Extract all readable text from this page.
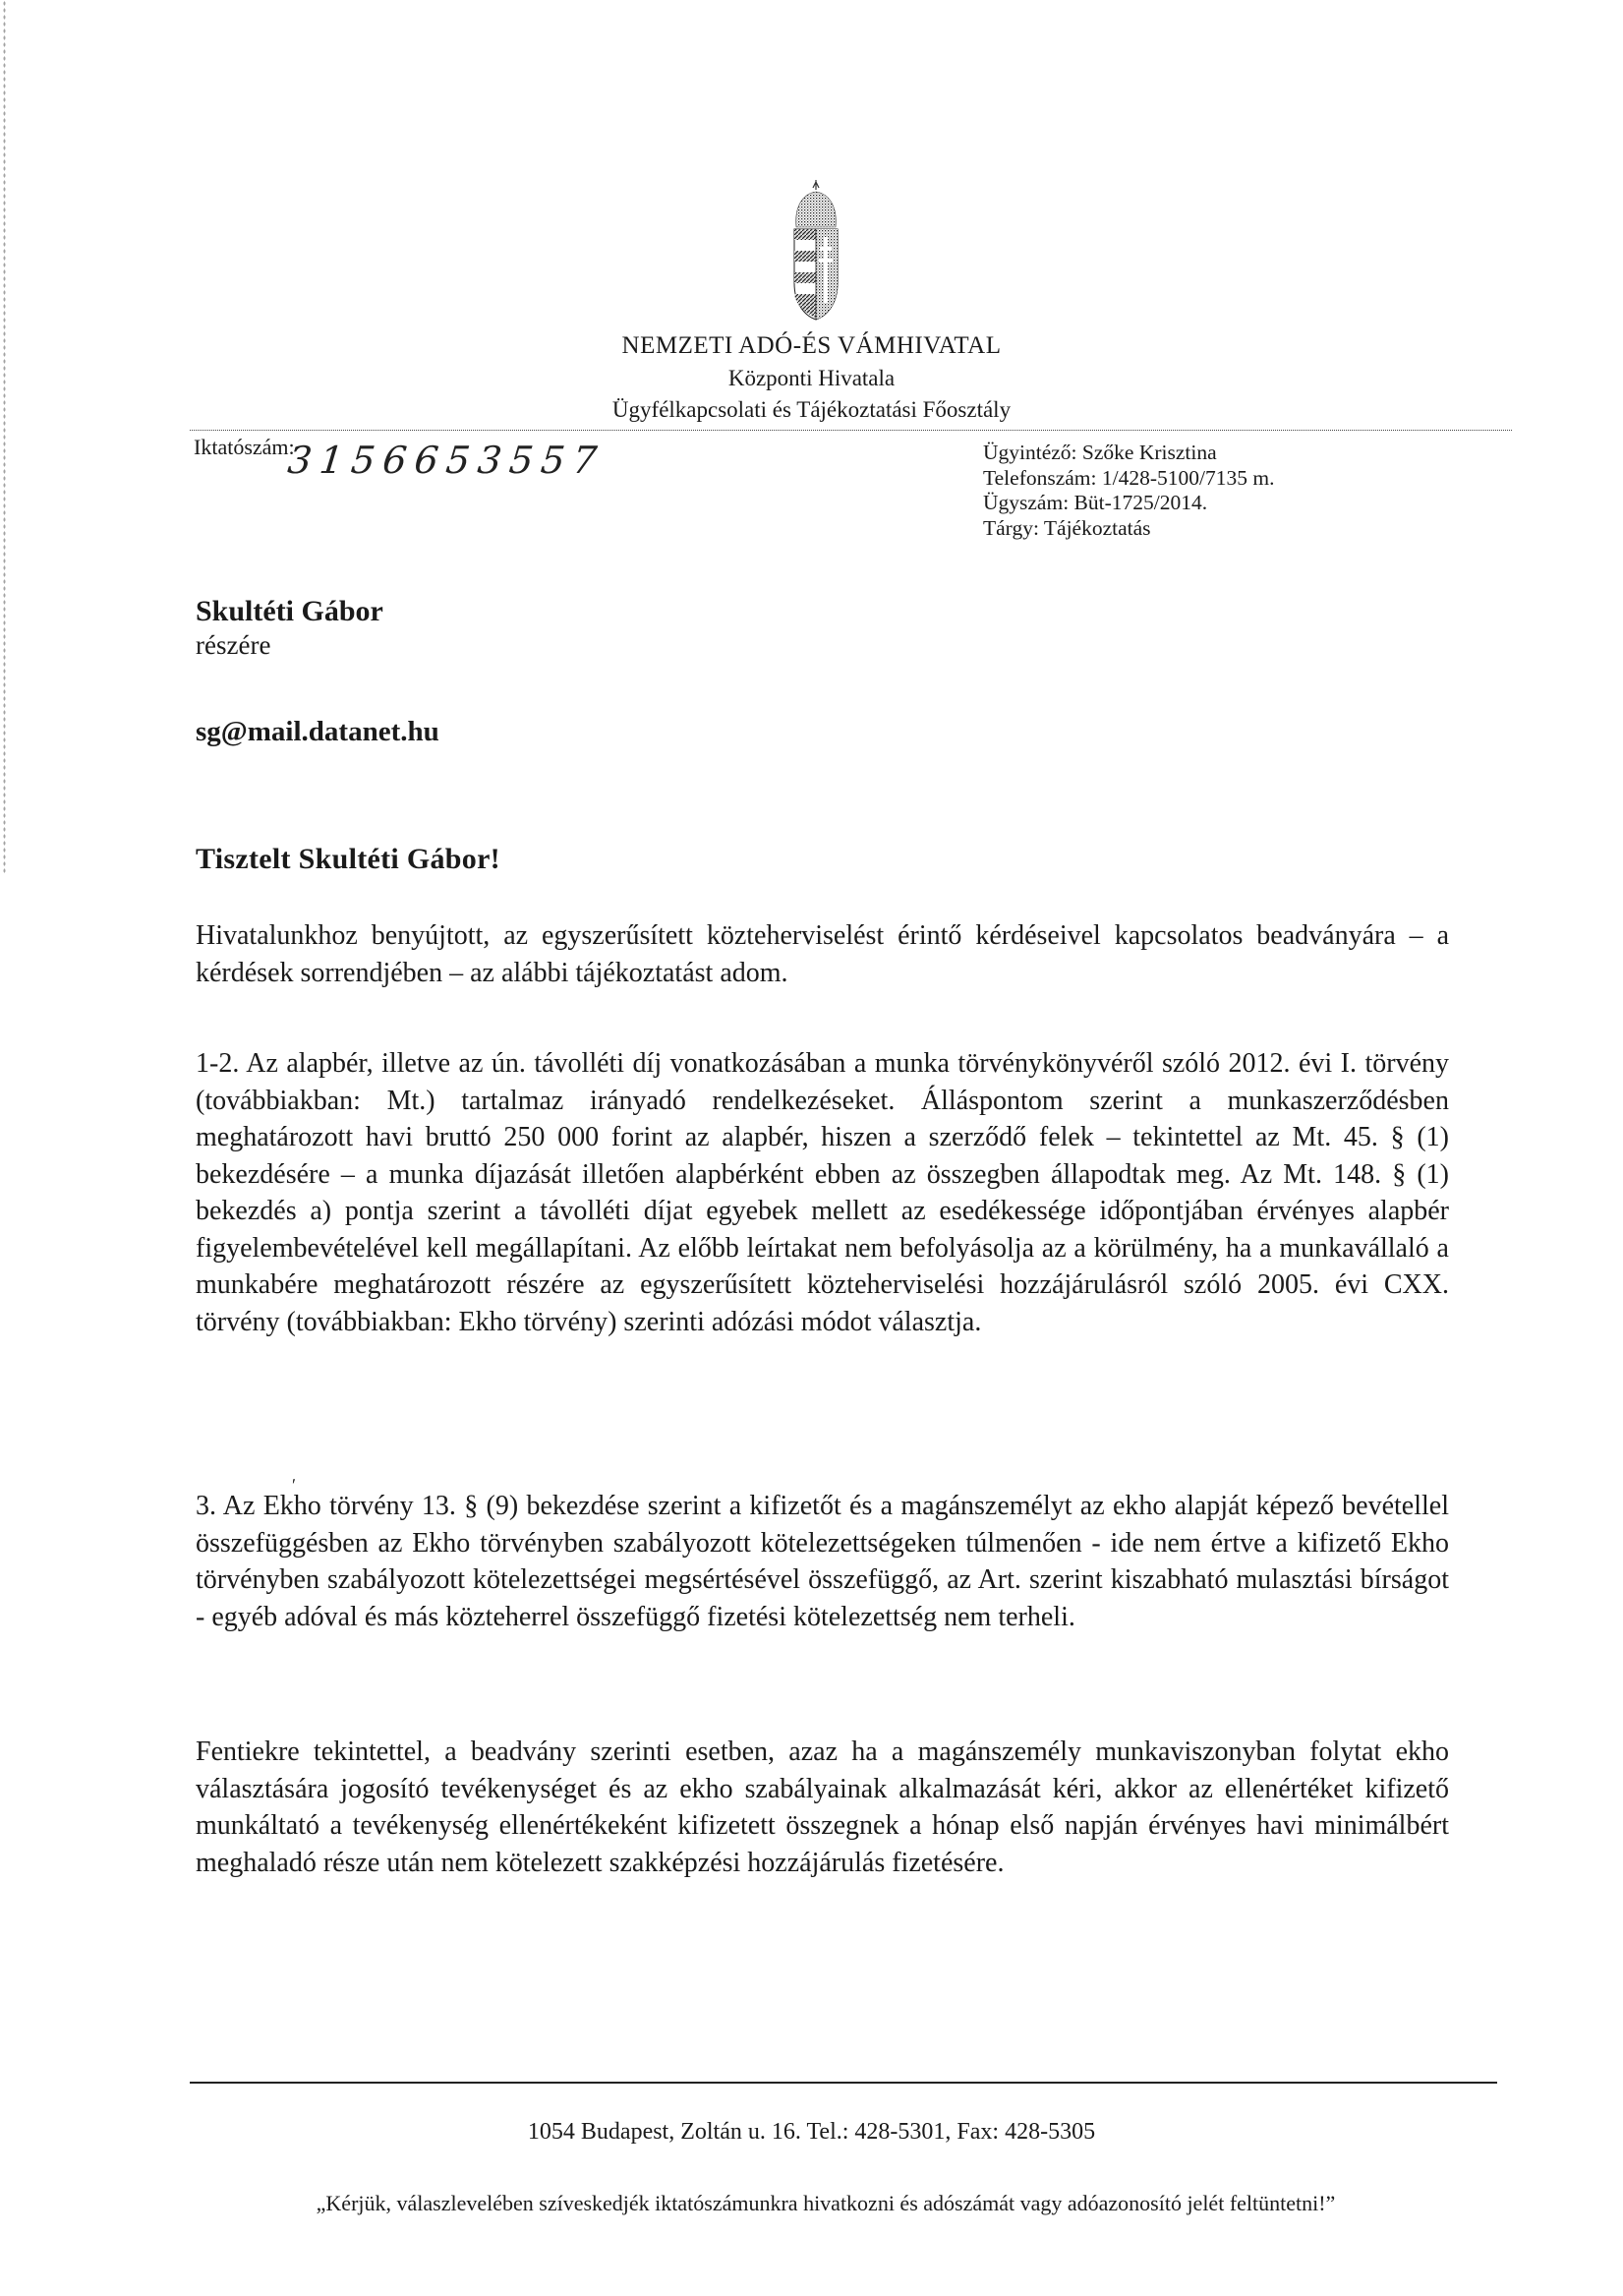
NEMZETI ADÓ-ÉS VÁMHIVATAL
Központi Hivatala
Ügyfélkapcsolati és Tájékoztatási Főosztály
Iktatószám:
3156653557	Ügyintéző: Szőke Krisztina
Telefonszám: 1/428-5100/7135 m.
Ügyszám: Büt-1725/2014.
Tárgy: Tájékoztatás
Skultéti Gábor
részére
sg@mail.datanet.hu
Tisztelt Skultéti Gábor!
Hivatalunkhoz benyújtott, az egyszerűsített közteherviselést érintő kérdéseivel kapcsolatos beadványára – a kérdések sorrendjében – az alábbi tájékoztatást adom.
1-2. Az alapbér, illetve az ún. távolléti díj vonatkozásában a munka törvénykönyvéről szóló 2012. évi I. törvény (továbbiakban: Mt.) tartalmaz irányadó rendelkezéseket. Álláspontom szerint a munkaszerződésben meghatározott havi bruttó 250 000 forint az alapbér, hiszen a szerződő felek – tekintettel az Mt. 45. § (1) bekezdésére – a munka díjazását illetően alapbérként ebben az összegben állapodtak meg. Az Mt. 148. § (1) bekezdés a) pontja szerint a távolléti díjat egyebek mellett az esedékessége időpontjában érvényes alapbér figyelembevételével kell megállapítani. Az előbb leírtakat nem befolyásolja az a körülmény, ha a munkavállaló a munkabére meghatározott részére az egyszerűsített közteherviselési hozzájárulásról szóló 2005. évi CXX. törvény (továbbiakban: Ekho törvény) szerinti adózási módot választja.
ʹ
3. Az Ekho törvény 13. § (9) bekezdése szerint a kifizetőt és a magánszemélyt az ekho alapját képező bevétellel összefüggésben az Ekho törvényben szabályozott kötelezettségeken túlmenően - ide nem értve a kifizető Ekho törvényben szabályozott kötelezettségei megsértésével összefüggő, az Art. szerint kiszabható mulasztási bírságot - egyéb adóval és más közteherrel összefüggő fizetési kötelezettség nem terheli.
Fentiekre tekintettel, a beadvány szerinti esetben, azaz ha a magánszemély munkaviszonyban folytat ekho választására jogosító tevékenységet és az ekho szabályainak alkalmazását kéri, akkor az ellenértéket kifizető munkáltató a tevékenység ellenértékeként kifizetett összegnek a hónap első napján érvényes havi minimálbért meghaladó része után nem kötelezett szakképzési hozzájárulás fizetésére.
1054 Budapest, Zoltán u. 16. Tel.: 428-5301, Fax: 428-5305
„Kérjük, válaszlevelében szíveskedjék iktatószámunkra hivatkozni és adószámát vagy adóazonosító jelét feltüntetni!”
